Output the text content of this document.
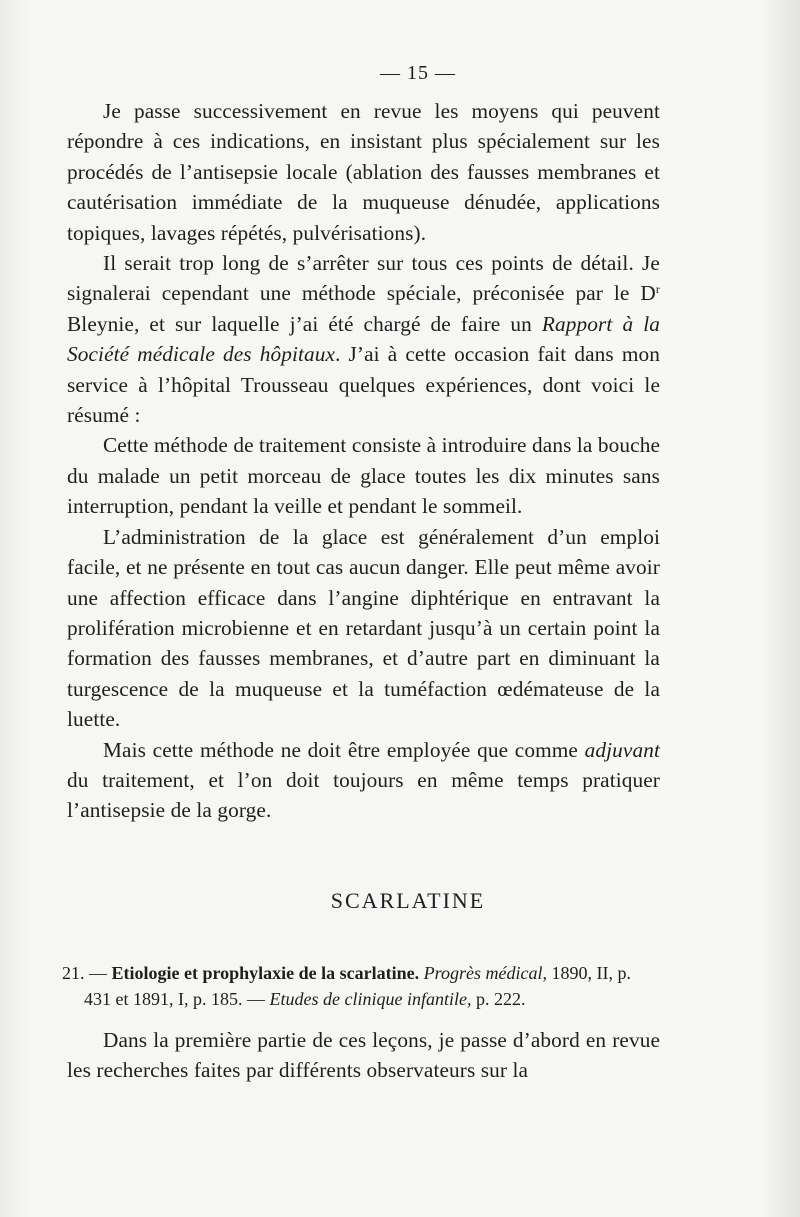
— 15 —

Je passe successivement en revue les moyens qui peuvent répondre à ces indications, en insistant plus spécialement sur les procédés de l’antisepsie locale (ablation des fausses membranes et cautérisation immédiate de la muqueuse dénudée, applications topiques, lavages répétés, pulvérisations).

Il serait trop long de s’arrêter sur tous ces points de détail. Je signalerai cependant une méthode spéciale, préconisée par le $D^r$ Bleynie, et sur laquelle j’ai été chargé de faire un Rapport à la Société médicale des hôpitaux. J’ai à cette occasion fait dans mon service à l’hôpital Trousseau quelques expériences, dont voici le résumé :

Cette méthode de traitement consiste à introduire dans la bouche du malade un petit morceau de glace toutes les dix minutes sans interruption, pendant la veille et pendant le sommeil.

L’administration de la glace est généralement d’un emploi facile, et ne présente en tout cas aucun danger. Elle peut même avoir une affection efficace dans l’angine diphtérique en entravant la prolifération microbienne et en retardant jusqu’à un certain point la formation des fausses membranes, et d’autre part en diminuant la turgescence de la muqueuse et la tuméfaction œdémateuse de la luette.

Mais cette méthode ne doit être employée que comme adjuvant du traitement, et l’on doit toujours en même temps pratiquer l’antisepsie de la gorge.

SCARLATINE
21. — Etiologie et prophylaxie de la scarlatine. Progrès médical, 1890, II, p. 431 et 1891, I, p. 185. — Etudes de clinique infantile, p. 222.

Dans la première partie de ces leçons, je passe d’abord en revue les recherches faites par différents observateurs sur la
